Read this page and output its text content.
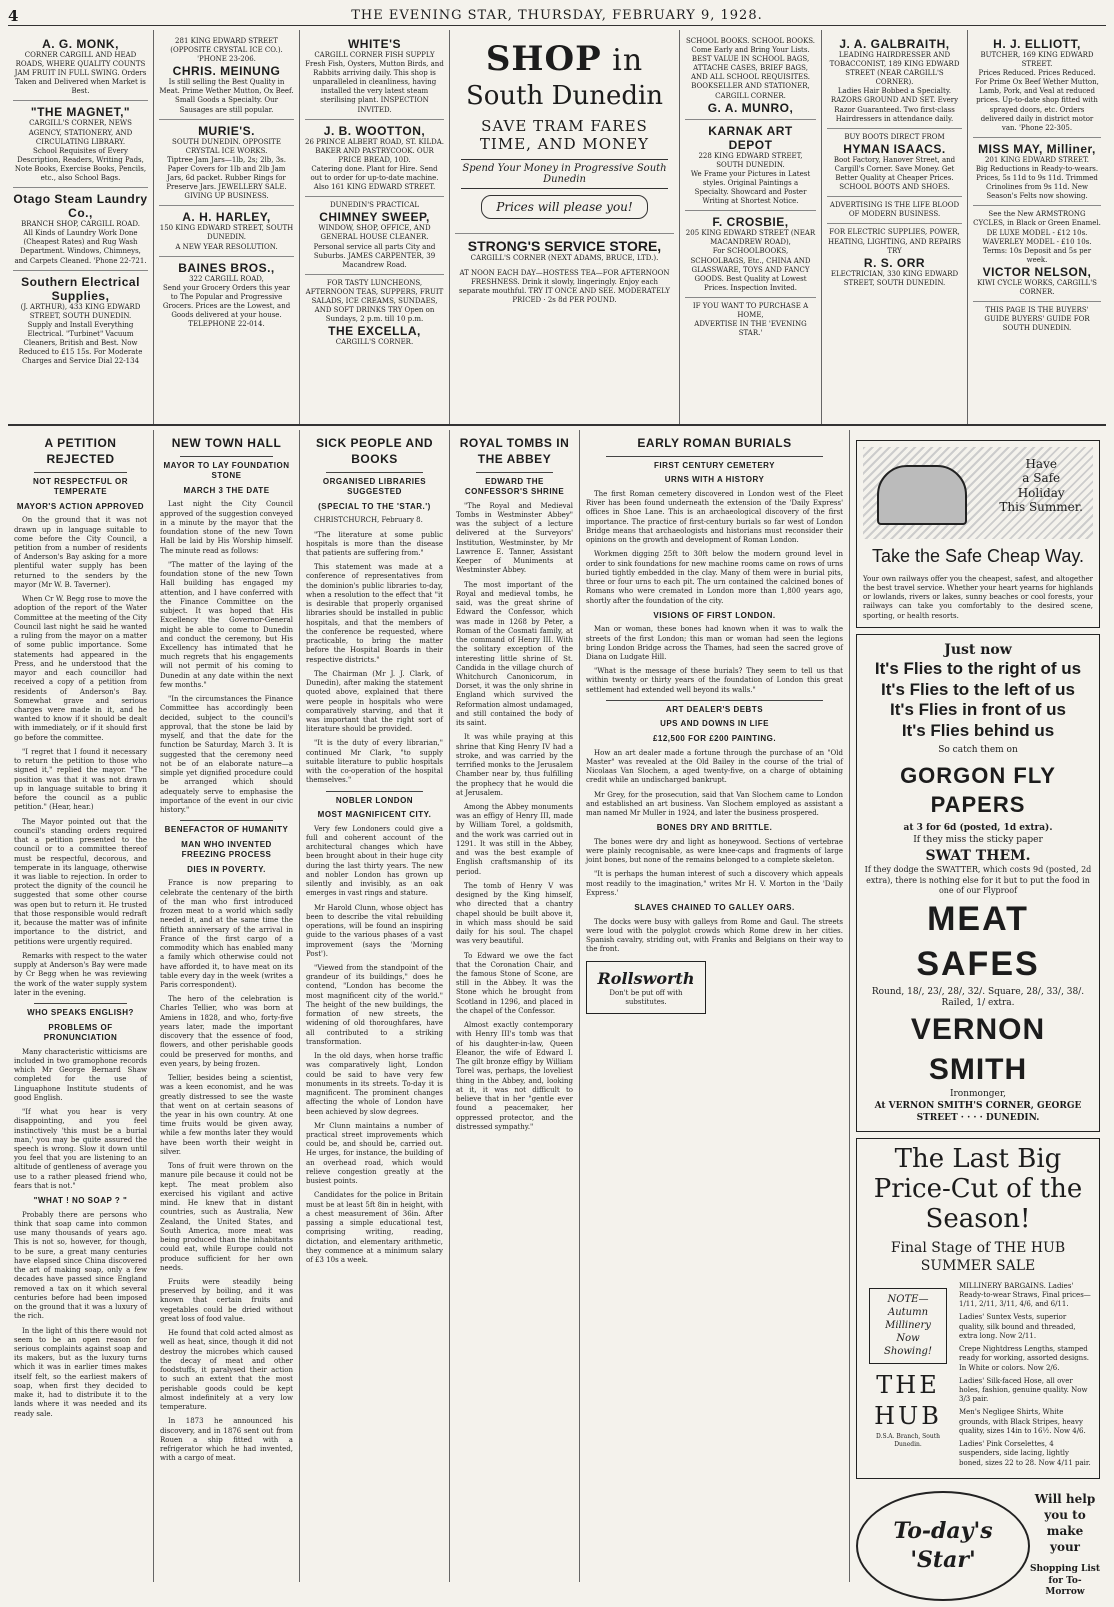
4	THE EVENING STAR, THURSDAY, FEBRUARY 9, 1928.
A. G. MONK,
CORNER CARGILL AND HEAD ROADS, WHERE QUALITY COUNTS
JAM FRUIT IN FULL SWING. Orders Taken and Delivered when Market is Best.
"THE MAGNET,"
CARGILL'S CORNER, NEWS AGENCY, STATIONERY, AND CIRCULATING LIBRARY.
School Requisites of Every Description, Readers, Writing Pads, Note Books, Exercise Books, Pencils, etc., also School Bags.
Otago Steam Laundry Co.,
BRANCH SHOP, CARGILL ROAD.
All Kinds of Laundry Work Done (Cheapest Rates) and Rug Wash Department. Windows, Chimneys, and Carpets Cleaned. 'Phone 22-721.
Southern Electrical Supplies,
(J. ARTHUR), 433 KING EDWARD STREET, SOUTH DUNEDIN.
Supply and Install Everything Electrical. "Turbinet" Vacuum Cleaners, British and Best. Now Reduced to £15 15s. For Moderate Charges and Service Dial 22-134
281 KING EDWARD STREET (OPPOSITE CRYSTAL ICE CO.). 'PHONE 23-206.
CHRIS. MEINUNG
Is still selling the Best Quality in Meat. Prime Wether Mutton, Ox Beef. Small Goods a Specialty. Our Sausages are still popular.
MURIE'S.
SOUTH DUNEDIN. OPPOSITE CRYSTAL ICE WORKS.
Tiptree Jam Jars—1lb, 2s; 2lb, 3s. Paper Covers for 1lb and 2lb Jam Jars, 6d packet. Rubber Rings for Preserve Jars. JEWELLERY SALE. GIVING UP BUSINESS.
A. H. HARLEY,
150 KING EDWARD STREET, SOUTH DUNEDIN.
A NEW YEAR RESOLUTION.
BAINES BROS.,
322 CARGILL ROAD,
Send your Grocery Orders this year to The Popular and Progressive Grocers. Prices are the Lowest, and Goods delivered at your house. TELEPHONE 22-014.
WHITE'S
CARGILL CORNER FISH SUPPLY
Fresh Fish, Oysters, Mutton Birds, and Rabbits arriving daily. This shop is unparalleled in cleanliness, having installed the very latest steam sterilising plant. INSPECTION INVITED.
J. B. WOOTTON,
26 PRINCE ALBERT ROAD, ST. KILDA. BAKER AND PASTRYCOOK. OUR PRICE BREAD, 10D.
Catering done. Plant for Hire. Send out to order for up-to-date machine. Also 161 KING EDWARD STREET.
DUNEDIN'S PRACTICAL
CHIMNEY SWEEP,
WINDOW, SHOP, OFFICE, AND GENERAL HOUSE CLEANER. Personal service all parts City and Suburbs. JAMES CARPENTER, 39 Macandrew Road.
FOR TASTY LUNCHEONS, AFTERNOON TEAS, SUPPERS, FRUIT SALADS, ICE CREAMS, SUNDAES, AND SOFT DRINKS TRY Open on Sundays, 2 p.m. till 10 p.m.
THE EXCELLA,
CARGILL'S CORNER.
SHOP in
South Dunedin
SAVE TRAM FARES TIME, AND MONEY
Spend Your Money in Progressive South Dunedin
Prices will please you!
STRONG'S SERVICE STORE,
CARGILL'S CORNER (NEXT ADAMS, BRUCE, LTD.).
AT NOON EACH DAY—HOSTESS TEA—FOR AFTERNOON FRESHNESS. Drink it slowly, lingeringly. Enjoy each separate mouthful. TRY IT ONCE AND SEE. MODERATELY PRICED · 2s 8d PER POUND.
SCHOOL BOOKS. SCHOOL BOOKS.
Come Early and Bring Your Lists. BEST VALUE IN SCHOOL BAGS, ATTACHE CASES, BRIEF BAGS, AND ALL SCHOOL REQUISITES. BOOKSELLER AND STATIONER, CARGILL CORNER.
G. A. MUNRO,
KARNAK ART DEPOT
228 KING EDWARD STREET, SOUTH DUNEDIN.
We Frame your Pictures in Latest styles. Original Paintings a Specialty. Showcard and Poster Writing at Shortest Notice.
F. CROSBIE,
205 KING EDWARD STREET (NEAR MACANDREW ROAD),
For SCHOOLBOOKS, SCHOOLBAGS, Etc., CHINA AND GLASSWARE, TOYS AND FANCY GOODS. Best Quality at Lowest Prices. Inspection Invited.
IF YOU WANT TO PURCHASE A HOME,
ADVERTISE IN THE 'EVENING STAR.'
J. A. GALBRAITH,
LEADING HAIRDRESSER AND TOBACCONIST, 189 KING EDWARD STREET (NEAR CARGILL'S CORNER).
Ladies Hair Bobbed a Specialty. RAZORS GROUND AND SET. Every Razor Guaranteed. Two first-class Hairdressers in attendance daily.
BUY BOOTS DIRECT FROM
HYMAN ISAACS.
Boot Factory, Hanover Street, and Cargill's Corner. Save Money. Get Better Quality at Cheaper Prices. SCHOOL BOOTS AND SHOES.
ADVERTISING IS THE LIFE BLOOD OF MODERN BUSINESS.
FOR ELECTRIC SUPPLIES, POWER, HEATING, LIGHTING, AND REPAIRS TRY
R. S. ORR
ELECTRICIAN, 330 KING EDWARD STREET, SOUTH DUNEDIN.
H. J. ELLIOTT,
BUTCHER, 169 KING EDWARD STREET.
Prices Reduced. Prices Reduced. For Prime Ox Beef Wether Mutton, Lamb, Pork, and Veal at reduced prices. Up-to-date shop fitted with sprayed doors, etc. Orders delivered daily in district motor van. 'Phone 22-305.
MISS MAY, Milliner,
201 KING EDWARD STREET.
Big Reductions in Ready-to-wears. Prices, 5s 11d to 9s 11d. Trimmed Crinolines from 9s 11d. New Season's Felts now showing.
See the New ARMSTRONG CYCLES, in Black or Green Enamel. DE LUXE MODEL - £12 10s. WAVERLEY MODEL - £10 10s. Terms: 10s Deposit and 5s per week.
VICTOR NELSON,
KIWI CYCLE WORKS, CARGILL'S CORNER.
THIS PAGE IS THE BUYERS' GUIDE BUYERS' GUIDE FOR SOUTH DUNEDIN.
A PETITION REJECTED
NOT RESPECTFUL OR TEMPERATE
MAYOR'S ACTION APPROVED

On the ground that it was not drawn up in language suitable to come before the City Council, a petition from a number of residents of Anderson's Bay asking for a more plentiful water supply has been returned to the senders by the mayor (Mr W. B. Taverner).

When Cr W. Begg rose to move the adoption of the report of the Water Committee at the meeting of the City Council last night he said he wanted a ruling from the mayor on a matter of some public importance. Some statements had appeared in the Press, and he understood that the mayor and each councillor had received a copy of a petition from residents of Anderson's Bay. Somewhat grave and serious charges were made in it, and he wanted to know if it should be dealt with immediately, or if it should first go before the committee.

"I regret that I found it necessary to return the petition to those who signed it," replied the mayor. "The position was that it was not drawn up in language suitable to bring it before the council as a public petition." (Hear, hear.)

The Mayor pointed out that the council's standing orders required that a petition presented to the council or to a committee thereof must be respectful, decorous, and temperate in its language, otherwise it was liable to rejection. In order to protect the dignity of the council he suggested that some other course was open but to return it. He trusted that those responsible would redraft it, because the matter was of infinite importance to the district, and petitions were urgently required.

Remarks with respect to the water supply at Anderson's Bay were made by Cr Begg when he was reviewing the work of the water supply system later in the evening.

WHO SPEAKS ENGLISH?
PROBLEMS OF PRONUNCIATION

Many characteristic witticisms are included in two gramophone records which Mr George Bernard Shaw completed for the use of Linguaphone Institute students of good English.

"If what you hear is very disappointing, and you feel instinctively 'this must be a burial man,' you may be quite assured the speech is wrong. Slow it down until you feel that you are listening to an altitude of gentleness of average you use to a rather pleased friend who, fears that is not."

"WHAT ! NO SOAP ? "

Probably there are persons who think that soap came into common use many thousands of years ago. This is not so, however, for though, to be sure, a great many centuries have elapsed since China discovered the art of making soap, only a few decades have passed since England removed a tax on it which several centuries before had been imposed on the ground that it was a luxury of the rich.

In the light of this there would not seem to be an open reason for serious complaints against soap and its makers, but as the luxury turns which it was in earlier times makes itself felt, so the earliest makers of soap, when first they decided to make it, had to distribute it to the lands where it was needed and its ready sale.

NEW TOWN HALL
MAYOR TO LAY FOUNDATION STONE
MARCH 3 THE DATE

Last night the City Council approved of the suggestion conveyed in a minute by the mayor that the foundation stone of the new Town Hall be laid by His Worship himself. The minute read as follows:

"The matter of the laying of the foundation stone of the new Town Hall building has engaged my attention, and I have conferred with the Finance Committee on the subject. It was hoped that His Excellency the Governor-General might be able to come to Dunedin and conduct the ceremony, but His Excellency has intimated that he much regrets that his engagements will not permit of his coming to Dunedin at any date within the next few months."

"In the circumstances the Finance Committee has accordingly been decided, subject to the council's approval, that the stone be laid by myself, and that the date for the function be Saturday, March 3. It is suggested that the ceremony need not be of an elaborate nature—a simple yet dignified procedure could be arranged which should adequately serve to emphasise the importance of the event in our civic history."

BENEFACTOR OF HUMANITY
MAN WHO INVENTED FREEZING PROCESS
DIES IN POVERTY.

France is now preparing to celebrate the centenary of the birth of the man who first introduced frozen meat to a world which sadly needed it, and at the same time the fiftieth anniversary of the arrival in France of the first cargo of a commodity which has enabled many a family which otherwise could not have afforded it, to have meat on its table every day in the week (writes a Paris correspondent).

The hero of the celebration is Charles Tellier, who was born at Amiens in 1828, and who, forty-five years later, made the important discovery that the essence of food, flowers, and other perishable goods could be preserved for months, and even years, by being frozen.

Tellier, besides being a scientist, was a keen economist, and he was greatly distressed to see the waste that went on at certain seasons of the year in his own country. At one time fruits would be given away, while a few months later they would have been worth their weight in silver.

Tons of fruit were thrown on the manure pile because it could not be kept. The meat problem also exercised his vigilant and active mind. He knew that in distant countries, such as Australia, New Zealand, the United States, and South America, more meat was being produced than the inhabitants could eat, while Europe could not produce sufficient for her own needs.

Fruits were steadily being preserved by boiling, and it was known that certain fruits and vegetables could be dried without great loss of food value.

He found that cold acted almost as well as heat, since, though it did not destroy the microbes which caused the decay of meat and other foodstuffs, it paralysed their action to such an extent that the most perishable goods could be kept almost indefinitely at a very low temperature.

In 1873 he announced his discovery, and in 1876 sent out from Rouen a ship fitted with a refrigerator which he had invented, with a cargo of meat.

SICK PEOPLE AND BOOKS
ORGANISED LIBRARIES SUGGESTED
(SPECIAL TO THE 'STAR.')

CHRISTCHURCH, February 8.

"The literature at some public hospitals is more than the disease that patients are suffering from."

This statement was made at a conference of representatives from the dominion's public libraries to-day, when a resolution to the effect that "it is desirable that properly organised libraries should be installed in public hospitals, and that the members of the conference be requested, where practicable, to bring the matter before the Hospital Boards in their respective districts."

The Chairman (Mr J. J. Clark, of Dunedin), after making the statement quoted above, explained that there were people in hospitals who were comparatively starving, and that it was important that the right sort of literature should be provided.

"It is the duty of every librarian," continued Mr Clark, "to supply suitable literature to public hospitals with the co-operation of the hospital themselves."

NOBLER LONDON
MOST MAGNIFICENT CITY.

Very few Londoners could give a full and coherent account of the architectural changes which have been brought about in their huge city during the last thirty years. The new and nobler London has grown up silently and invisibly, as an oak emerges in vast rings and stature.

Mr Harold Clunn, whose object has been to describe the vital rebuilding operations, will be found an inspiring guide to the various phases of a vast improvement (says the 'Morning Post').

"Viewed from the standpoint of the grandeur of its buildings," does he contend, "London has become the most magnificent city of the world." The height of the new buildings, the formation of new streets, the widening of old thoroughfares, have all contributed to a striking transformation.

In the old days, when horse traffic was comparatively light, London could be said to have very few monuments in its streets. To-day it is magnificent. The prominent changes affecting the whole of London have been achieved by slow degrees.

Mr Clunn maintains a number of practical street improvements which could be, and should be, carried out. He urges, for instance, the building of an overhead road, which would relieve congestion greatly at the busiest points.

Candidates for the police in Britain must be at least 5ft 8in in height, with a chest measurement of 36in. After passing a simple educational test, comprising writing, reading, dictation, and elementary arithmetic, they commence at a minimum salary of £3 10s a week.

ROYAL TOMBS IN THE ABBEY
EDWARD THE CONFESSOR'S SHRINE

"The Royal and Medieval Tombs in Westminster Abbey" was the subject of a lecture delivered at the Surveyors' Institution, Westminster, by Mr Lawrence E. Tanner, Assistant Keeper of Muniments at Westminster Abbey.

The most important of the Royal and medieval tombs, he said, was the great shrine of Edward the Confessor, which was made in 1268 by Peter, a Roman of the Cosmati family, at the command of Henry III. With the solitary exception of the interesting little shrine of St. Candida in the village church of Whitchurch Canonicorum, in Dorset, it was the only shrine in England which survived the Reformation almost undamaged, and still contained the body of its saint.

It was while praying at this shrine that King Henry IV had a stroke, and was carried by the terrified monks to the Jerusalem Chamber near by, thus fulfilling the prophecy that he would die at Jerusalem.

Among the Abbey monuments was an effigy of Henry III, made by William Torel, a goldsmith, and the work was carried out in 1291. It was still in the Abbey, and was the best example of English craftsmanship of its period.

The tomb of Henry V was designed by the King himself, who directed that a chantry chapel should be built above it, in which mass should be said daily for his soul. The chapel was very beautiful.

To Edward we owe the fact that the Coronation Chair, and the famous Stone of Scone, are still in the Abbey. It was the Stone which he brought from Scotland in 1296, and placed in the chapel of the Confessor.

Almost exactly contemporary with Henry III's tomb was that of his daughter-in-law, Queen Eleanor, the wife of Edward I. The gilt bronze effigy by William Torel was, perhaps, the loveliest thing in the Abbey, and, looking at it, it was not difficult to believe that in her "gentle ever found a peacemaker, her oppressed protector, and the distressed sympathy."

EARLY ROMAN BURIALS
FIRST CENTURY CEMETERY
URNS WITH A HISTORY

The first Roman cemetery discovered in London west of the Fleet River has been found underneath the extension of the 'Daily Express' offices in Shoe Lane. This is an archaeological discovery of the first importance. The practice of first-century burials so far west of London Bridge means that archaeologists and historians must reconsider their opinions on the growth and development of Roman London.

Workmen digging 25ft to 30ft below the modern ground level in order to sink foundations for new machine rooms came on rows of urns buried tightly embedded in the clay. Many of them were in burial pits, three or four urns to each pit. The urn contained the calcined bones of Romans who were cremated in London more than 1,800 years ago, shortly after the foundation of the city.

VISIONS OF FIRST LONDON.

Man or woman, these bones had known when it was to walk the streets of the first London; this man or woman had seen the legions bring London Bridge across the Thames, had seen the sacred grove of Diana on Ludgate Hill.

"What is the message of these burials? They seem to tell us that within twenty or thirty years of the foundation of London this great settlement had extended well beyond its walls."

ART DEALER'S DEBTS
UPS AND DOWNS IN LIFE
£12,500 FOR £200 PAINTING.

How an art dealer made a fortune through the purchase of an "Old Master" was revealed at the Old Bailey in the course of the trial of Nicolaas Van Slochem, a aged twenty-five, on a charge of obtaining credit while an undischarged bankrupt.

Mr Grey, for the prosecution, said that Van Slochem came to London and established an art business. Van Slochem employed as assistant a man named Mr Muller in 1924, and later the business prospered.

BONES DRY AND BRITTLE.

The bones were dry and light as honeywood. Sections of vertebrae were plainly recognisable, as were knee-caps and fragments of large joint bones, but none of the remains belonged to a complete skeleton.

"It is perhaps the human interest of such a discovery which appeals most readily to the imagination," writes Mr H. V. Morton in the 'Daily Express.'

SLAVES CHAINED TO GALLEY OARS.

The docks were busy with galleys from Rome and Gaul. The streets were loud with the polyglot crowds which Rome drew in her cities. Spanish cavalry, striding out, with Franks and Belgians on their way to the front.

Rollsworth
Don't be put off with substitutes.
Have
a Safe
Holiday
This Summer.
Take the Safe Cheap Way.
Your own railways offer you the cheapest, safest, and altogether the best travel service. Whether your heart yearns for highlands or lowlands, rivers or lakes, sunny beaches or cool forests, your railways can take you comfortably to the desired scene, sporting, or health resorts.
Just now
It's Flies to the right of us
It's Flies to the left of us
It's Flies in front of us
It's Flies behind us
So catch them on
GORGON FLY PAPERS
at 3 for 6d (posted, 1d extra).
If they miss the sticky paper
SWAT THEM.
If they dodge the SWATTER, which costs 9d (posted, 2d extra), there is nothing else for it but to put the food in one of our Flyproof
MEAT SAFES
Round, 18/, 23/, 28/, 32/. Square, 28/, 33/, 38/. Railed, 1/ extra.
VERNON SMITH
Ironmonger,
At VERNON SMITH'S CORNER, GEORGE STREET · · · · DUNEDIN.
The Last Big Price-Cut of the Season!
Final Stage of THE HUB SUMMER SALE
NOTE— Autumn Millinery Now Showing!
THE HUB
D.S.A. Branch, South Dunedin.
MILLINERY BARGAINS. Ladies' Ready-to-wear Straws, Final prices— 1/11, 2/11, 3/11, 4/6, and 6/11.
Ladies' Suntex Vests, superior quality, silk bound and threaded, extra long. Now 2/11.
Crepe Nightdress Lengths, stamped ready for working, assorted designs. In White or colors. Now 2/6.
Ladies' Silk-faced Hose, all over holes, fashion, genuine quality. Now 3/3 pair.
Men's Negligee Shirts, White grounds, with Black Stripes, heavy quality, sizes 14in to 16½. Now 4/6.
Ladies' Pink Corselettes, 4 suspenders, side lacing, lightly boned, sizes 22 to 28. Now 4/11 pair.
To-day's 'Star'
Will help you to make your
Shopping List for To-Morrow
